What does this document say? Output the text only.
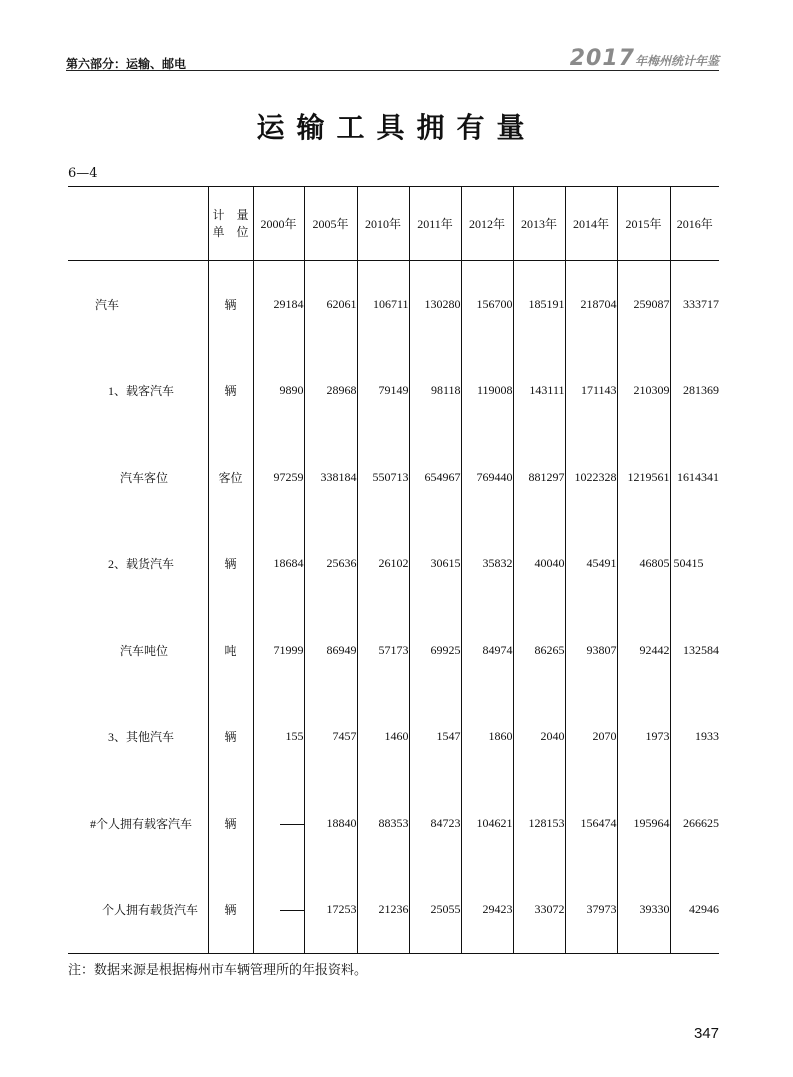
第六部分：运输、邮电	2017年梅州统计年鉴
运输工具拥有量
6—4
	计　量
单　位	2000年	2005年	2010年	2011年	2012年	2013年	2014年	2015年	2016年
汽车	辆	29184	62061	106711	130280	156700	185191	218704	259087	333717
1、载客汽车	辆	9890	28968	79149	98118	119008	143111	171143	210309	281369
汽车客位	客位	97259	338184	550713	654967	769440	881297	1022328	1219561	1614341
2、载货汽车	辆	18684	25636	26102	30615	35832	40040	45491	46805	50415
汽车吨位	吨	71999	86949	57173	69925	84974	86265	93807	92442	132584
3、其他汽车	辆	155	7457	1460	1547	1860	2040	2070	1973	1933
#个人拥有载客汽车	辆		18840	88353	84723	104621	128153	156474	195964	266625
个人拥有载货汽车	辆		17253	21236	25055	29423	33072	37973	39330	42946
注：数据来源是根据梅州市车辆管理所的年报资料。
347
